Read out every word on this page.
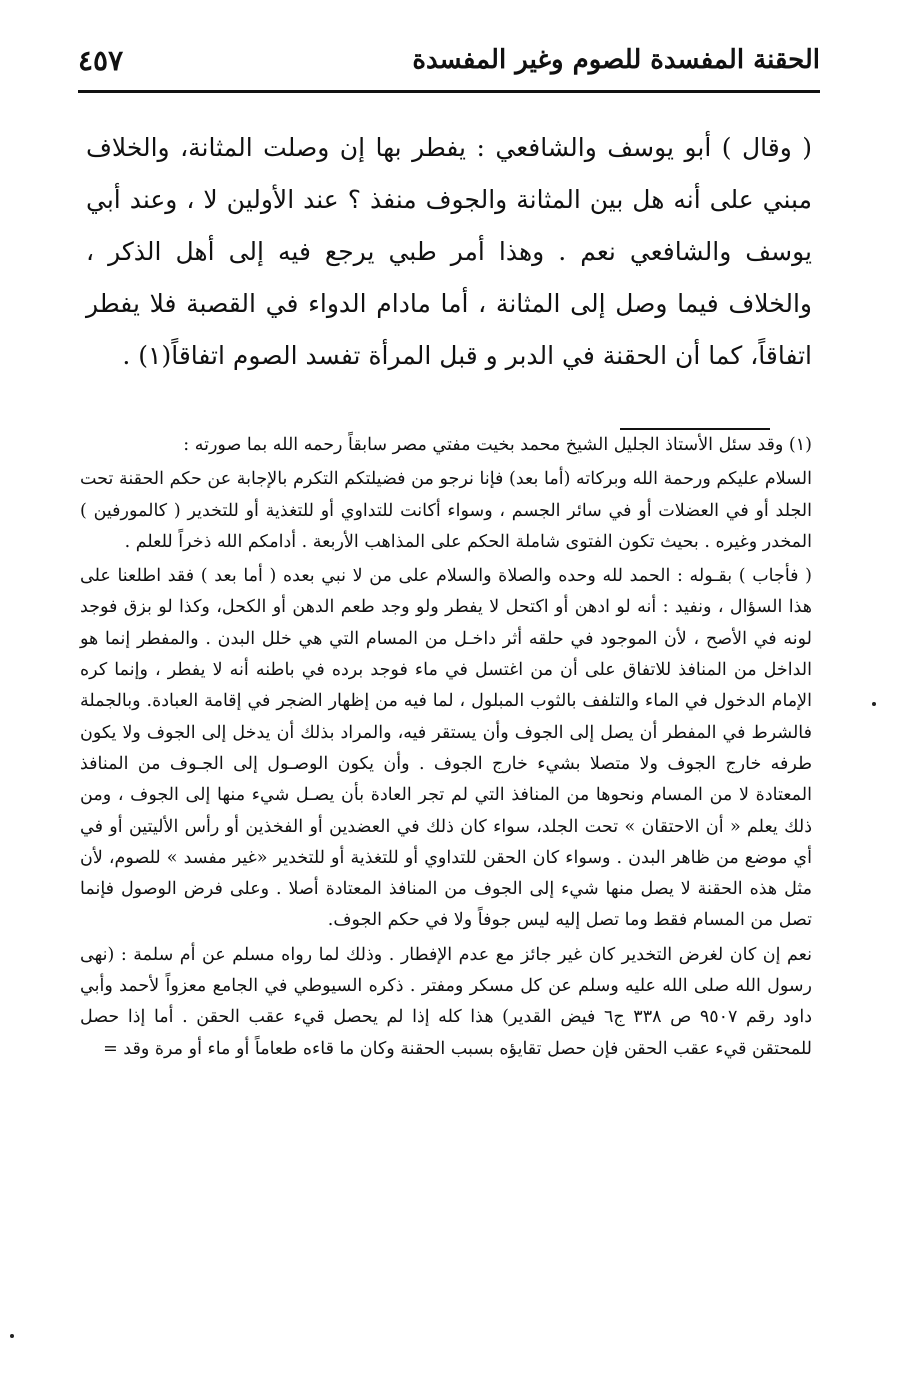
الحقنة المفسدة للصوم وغير المفسدة
٤٥٧

( وقال ) أبو يوسف والشافعي : يفطر بها إن وصلت المثانة، والخلاف مبني على أنه هل بين المثانة والجوف منفذ ؟ عند الأولين لا ، وعند أبي يوسف والشافعي نعم . وهذا أمر طبي يرجع فيه إلى أهل الذكر ، والخلاف فيما وصل إلى المثانة ، أما مادام الدواء في القصبة فلا يفطر اتفاقاً، كما أن الحقنة في الدبر و قبل المرأة تفسد الصوم اتفاقاً(١) .

(١) وقد سئل الأستاذ الجليل الشيخ محمد بخيت مفتي مصر سابقاً رحمه الله بما صورته :

السلام عليكم ورحمة الله وبركاته (أما بعد) فإنا نرجو من فضيلتكم التكرم بالإجابة عن حكم الحقنة تحت الجلد أو في العضلات أو في سائر الجسم ، وسواء أكانت للتداوي أو للتغذية أو للتخدير ( كالمورفين ) المخدر وغيره . بحيث تكون الفتوى شاملة الحكم على المذاهب الأربعة . أدامكم الله ذخراً للعلم .

( فأجاب ) بقـوله : الحمد لله وحده والصلاة والسلام على من لا نبي بعده ( أما بعد ) فقد اطلعنا على هذا السؤال ، ونفيد : أنه لو ادهن أو اكتحل لا يفطر ولو وجد طعم الدهن أو الكحل، وكذا لو بزق فوجد لونه في الأصح ، لأن الموجود في حلقه أثر داخـل من المسام التي هي خلل البدن . والمفطر إنما هو الداخل من المنافذ للاتفاق على أن من اغتسل في ماء فوجد برده في باطنه أنه لا يفطر ، وإنما كره الإمام الدخول في الماء والتلفف بالثوب المبلول ، لما فيه من إظهار الضجر في إقامة العبادة. وبالجملة فالشرط في المفطر أن يصل إلى الجوف وأن يستقر فيه، والمراد بذلك أن يدخل إلى الجوف ولا يكون طرفه خارج الجوف ولا متصلا بشيء خارج الجوف . وأن يكون الوصـول إلى الجـوف من المنافذ المعتادة لا من المسام ونحوها من المنافذ التي لم تجر العادة بأن يصـل شيء منها إلى الجوف ، ومن ذلك يعلم « أن الاحتقان » تحت الجلد، سواء كان ذلك في العضدين أو الفخذين أو رأس الأليتين أو في أي موضع من ظاهر البدن . وسواء كان الحقن للتداوي أو للتغذية أو للتخدير «غير مفسد » للصوم، لأن مثل هذه الحقنة لا يصل منها شيء إلى الجوف من المنافذ المعتادة أصلا . وعلى فرض الوصول فإنما تصل من المسام فقط وما تصل إليه ليس جوفاً ولا في حكم الجوف.

نعم إن كان لغرض التخدير كان غير جائز مع عدم الإفطار . وذلك لما رواه مسلم عن أم سلمة : (نهى رسول الله صلى الله عليه وسلم عن كل مسكر ومفتر . ذكره السيوطي في الجامع معزواً لأحمد وأبي داود رقم ٩٥٠٧ ص ٣٣٨ ج٦ فيض القدير) هذا كله إذا لم يحصل قيء عقب الحقن . أما إذا حصل للمحتقن قيء عقب الحقن فإن حصل تقايؤه بسبب الحقنة وكان ما قاءه طعاماً أو ماء أو مرة وقد =
